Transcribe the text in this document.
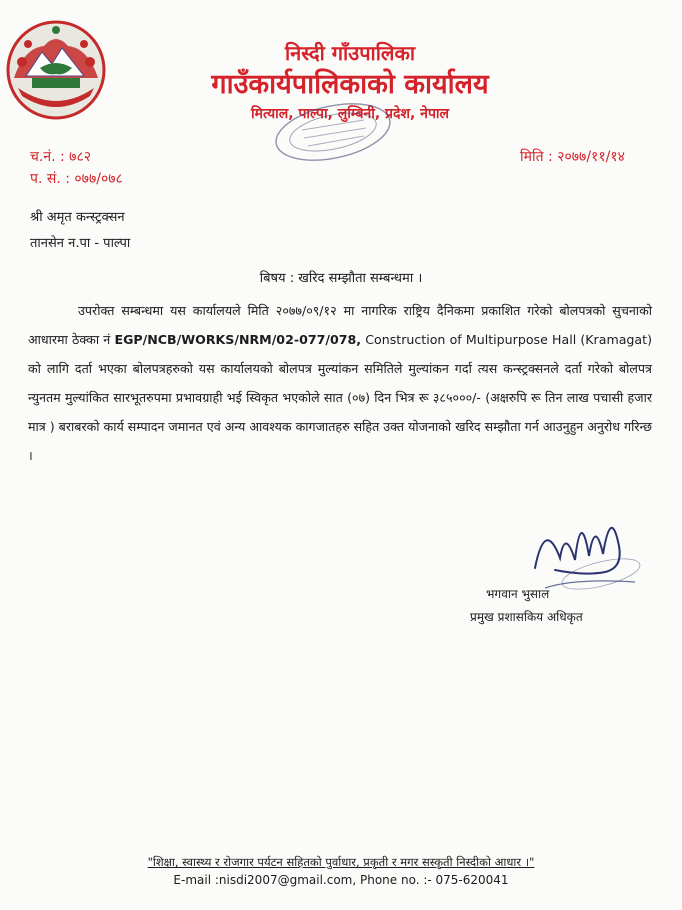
निस्दी गाँउपालिका
गाउँकार्यपालिकाको कार्यालय
मित्याल, पाल्पा, लुम्बिनी, प्रदेश, नेपाल
च.नं. : ७८२
प. सं. : ०७७/०७८
मिति : २०७७/११/१४
श्री अमृत कन्स्ट्रक्सन
तानसेन न.पा - पाल्पा
बिषय : खरिद सम्झौता सम्बन्धमा ।
उपरोक्त सम्बन्धमा यस कार्यालयले मिति २०७७/०९/१२ मा नागरिक राष्ट्रिय दैनिकमा प्रकाशित गरेको बोलपत्रको सुचनाको आधारमा ठेक्का नं EGP/NCB/WORKS/NRM/02-077/078, Construction of Multipurpose Hall (Kramagat) को लागि दर्ता भएका बोलपत्रहरुको यस कार्यालयको बोलपत्र मुल्यांकन समितिले मुल्यांकन गर्दा त्यस कन्स्ट्रक्सनले दर्ता गरेको बोलपत्र न्युनतम मुल्यांकित सारभूतरुपमा प्रभावग्राही भई स्विकृत भएकोले सात (०७) दिन भित्र रू ३८५०००/- (अक्षरुपि रू तिन लाख पचासी हजार मात्र ) बराबरको कार्य सम्पादन जमानत एवं अन्य आवश्यक कागजातहरु सहित उक्त योजनाको खरिद सम्झौता गर्न आउनुहुन अनुरोध गरिन्छ ।
भगवान भुसाल
प्रमुख प्रशासकिय अधिकृत
"शिक्षा, स्वास्थ्य र रोजगार पर्यटन सहितको पुर्वाधार, प्रकृती र मगर सस्कृती निस्दीको आधार ।"
E-mail :nisdi2007@gmail.com, Phone no. :- 075-620041
